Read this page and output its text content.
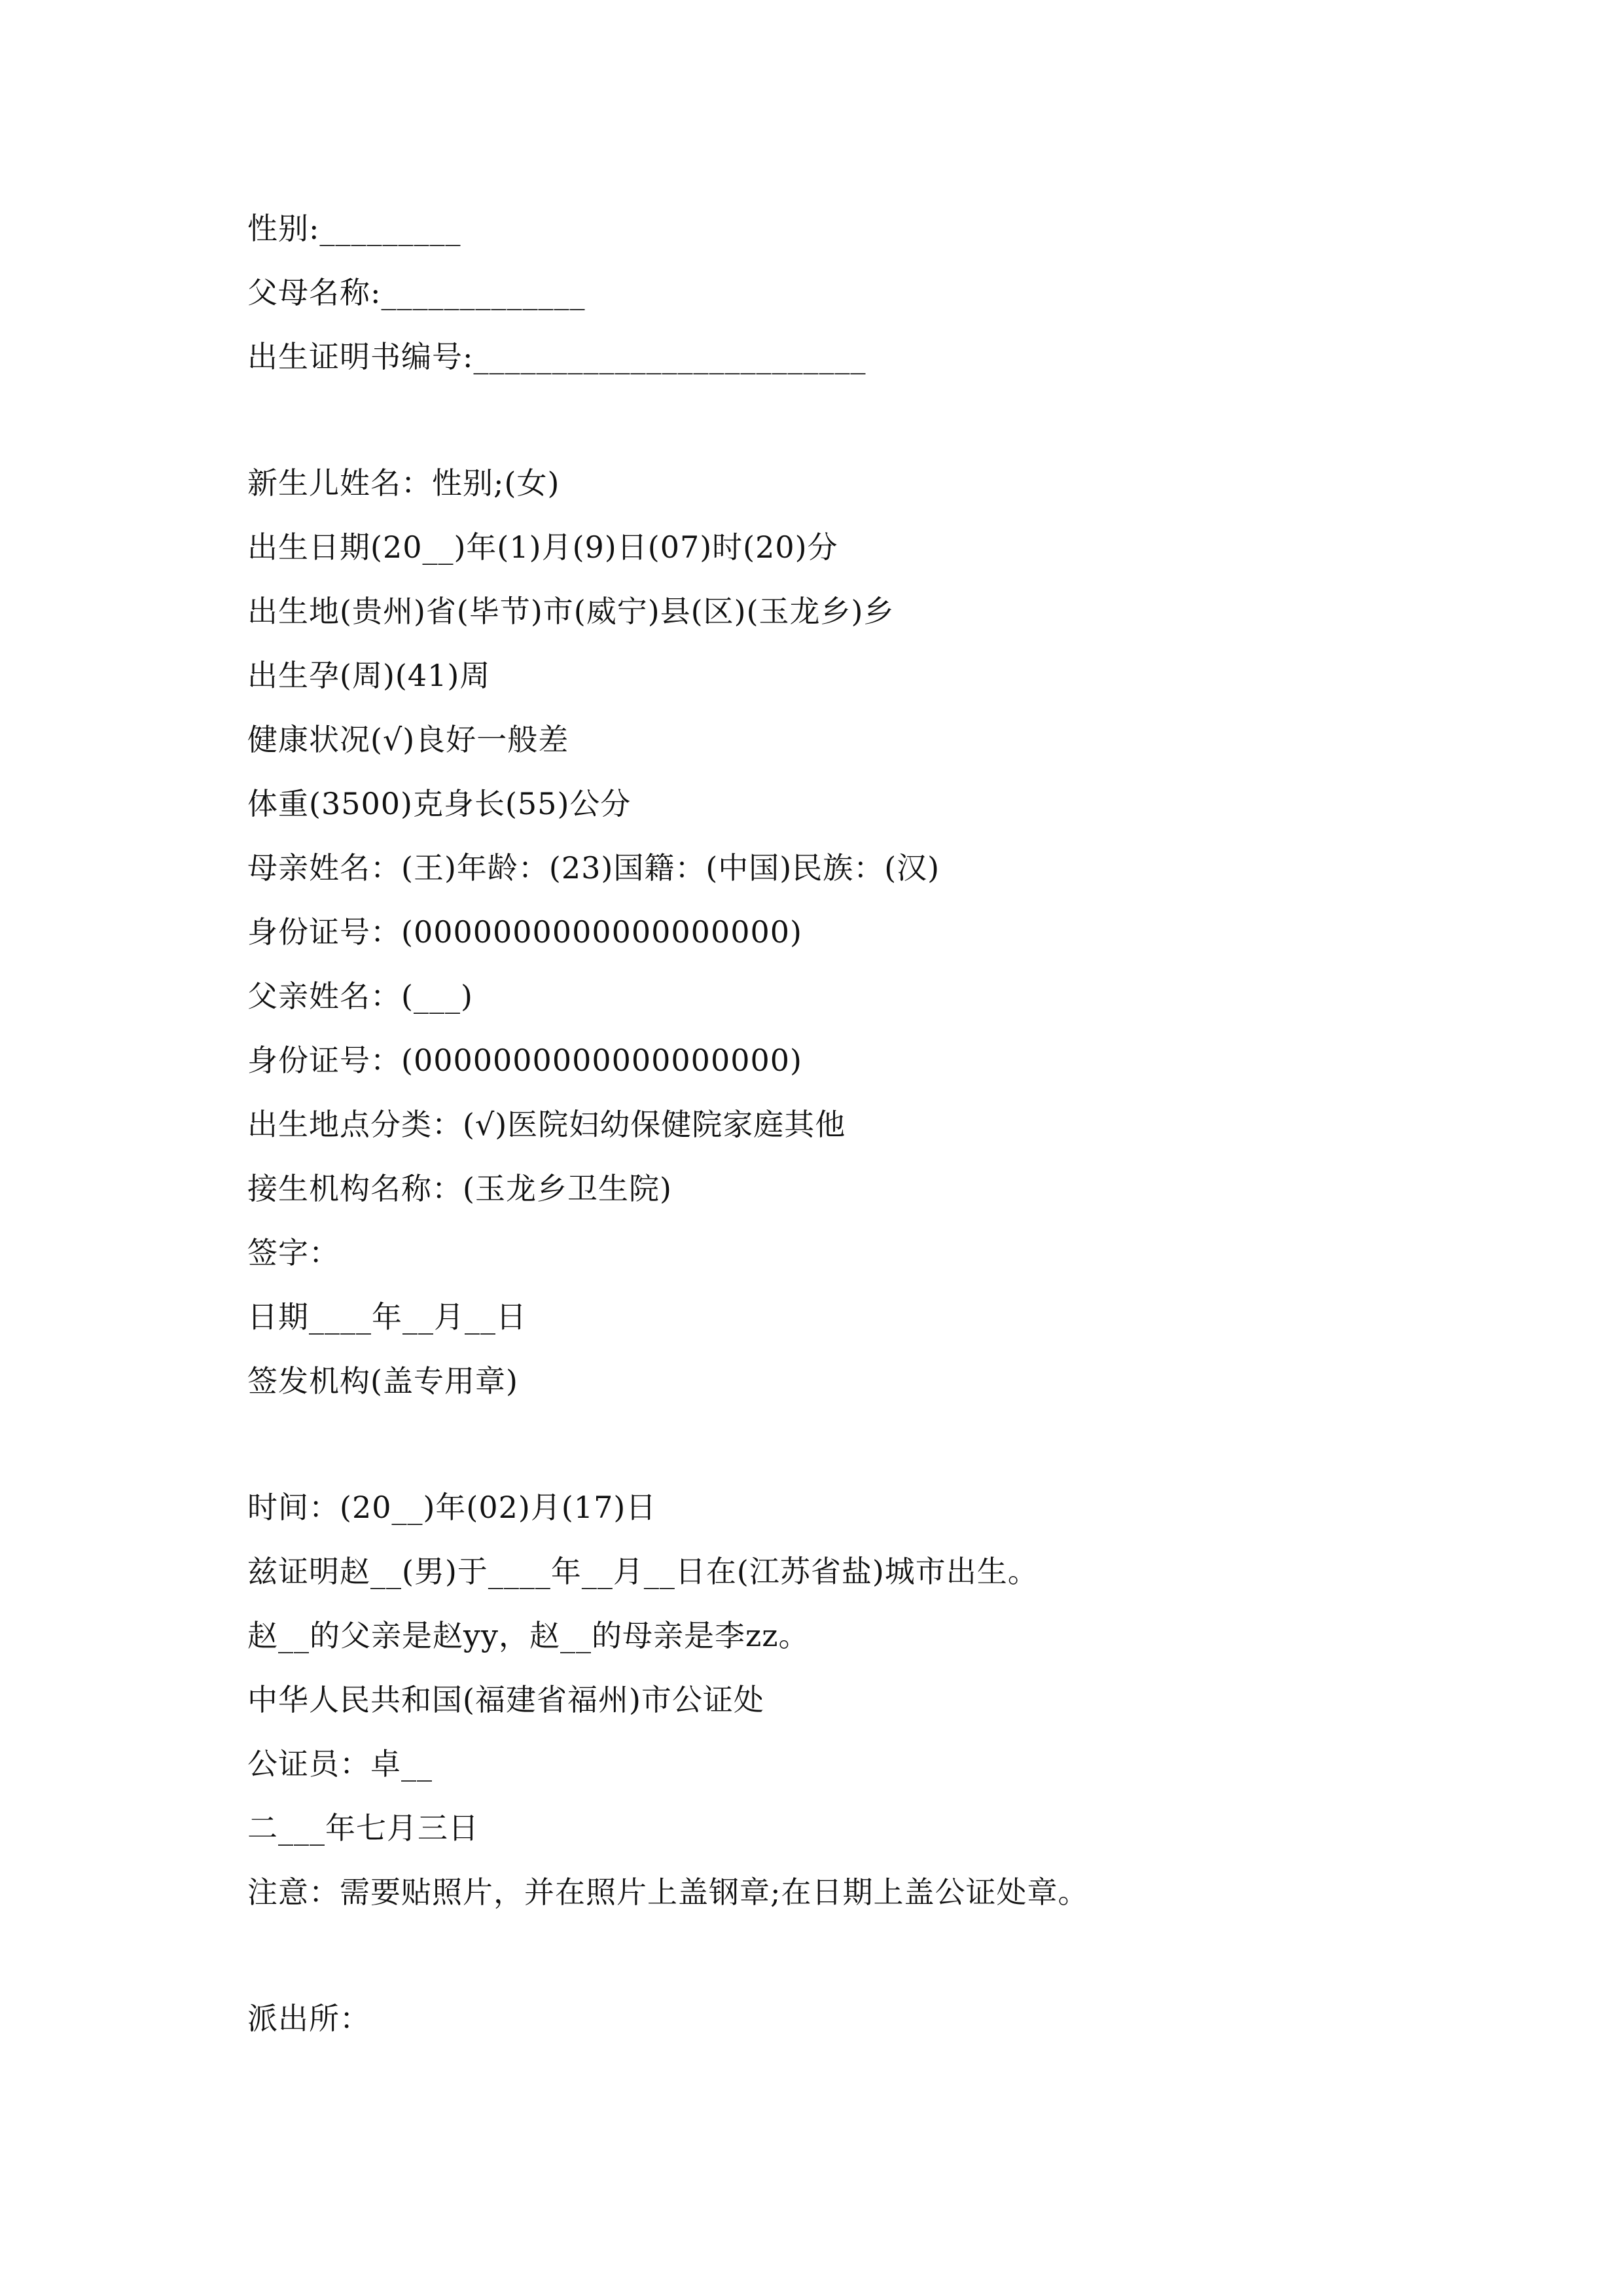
性别:_________
父母名称:_____________
出生证明书编号:_________________________
新生儿姓名：性别;(女)
出生日期(20__)年(1)月(9)日(07)时(20)分
出生地(贵州)省(毕节)市(威宁)县(区)(玉龙乡)乡
出生孕(周)(41)周
健康状况(√)良好一般差
体重(3500)克身长(55)公分
母亲姓名：(王)年龄：(23)国籍：(中国)民族：(汉)
身份证号：(0000000000000000000)
父亲姓名：(___)
身份证号：(0000000000000000000)
出生地点分类：(√)医院妇幼保健院家庭其他
接生机构名称：(玉龙乡卫生院)
签字：
日期____年__月__日
签发机构(盖专用章)
时间：(20__)年(02)月(17)日
兹证明赵__(男)于____年__月__日在(江苏省盐)城市出生。
赵__的父亲是赵yy，赵__的母亲是李zz。
中华人民共和国(福建省福州)市公证处
公证员：卓__
二___年七月三日
注意：需要贴照片，并在照片上盖钢章;在日期上盖公证处章。
派出所：
